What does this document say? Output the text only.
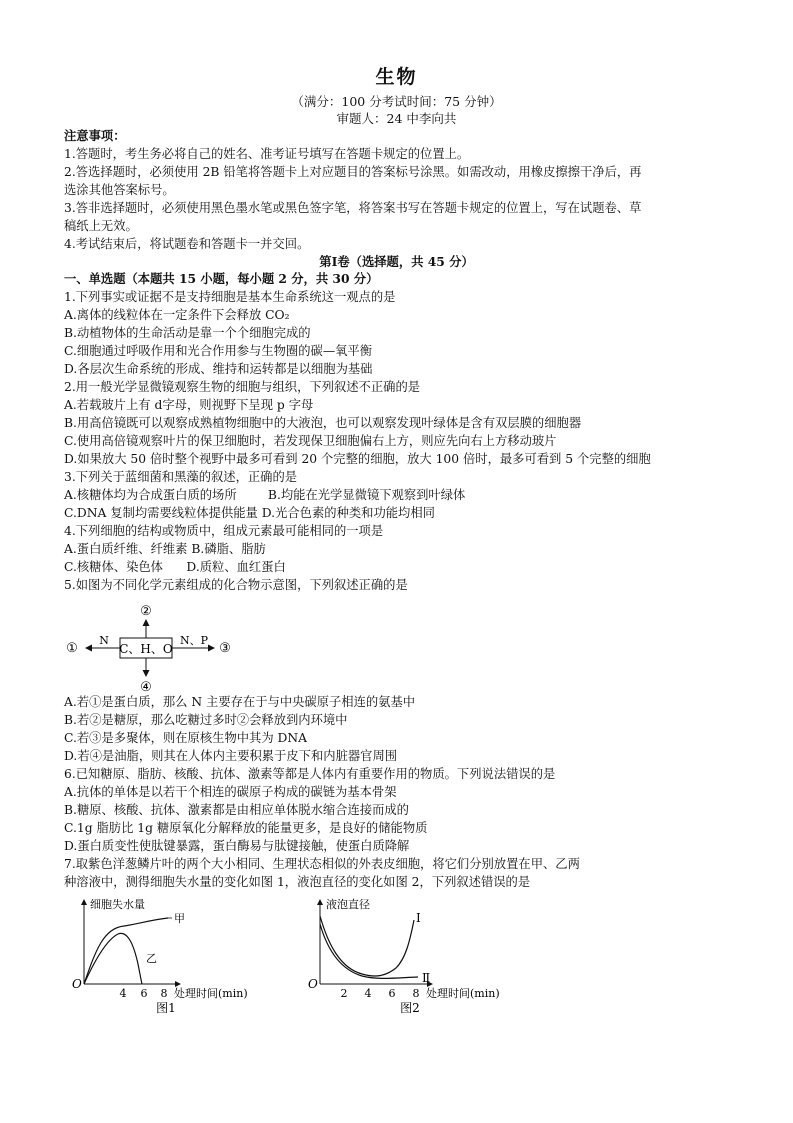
生物
（满分：100 分考试时间：75 分钟）
审题人：24 中李向共
注意事项：
1.答题时，考生务必将自己的姓名、准考证号填写在答题卡规定的位置上。
2.答选择题时，必须使用 2B 铅笔将答题卡上对应题目的答案标号涂黑。如需改动，用橡皮擦擦干净后，再
选涂其他答案标号。
3.答非选择题时，必须使用黑色墨水笔或黑色签字笔，将答案书写在答题卡规定的位置上，写在试题卷、草
稿纸上无效。
4.考试结束后，将试题卷和答题卡一并交回。
第Ⅰ卷（选择题，共 45 分）
一、单选题（本题共 15 小题，每小题 2 分，共 30 分）
1.下列事实或证据不是支持细胞是基本生命系统这一观点的是
A.离体的线粒体在一定条件下会释放 CO₂
B.动植物体的生命活动是靠一个个细胞完成的
C.细胞通过呼吸作用和光合作用参与生物圈的碳—氧平衡
D.各层次生命系统的形成、维持和运转都是以细胞为基础
2.用一般光学显微镜观察生物的细胞与组织，下列叙述不正确的是
A.若载玻片上有 d字母，则视野下呈现 p 字母
B.用高倍镜既可以观察成熟植物细胞中的大液泡，也可以观察发现叶绿体是含有双层膜的细胞器
C.使用高倍镜观察叶片的保卫细胞时，若发现保卫细胞偏右上方，则应先向右上方移动玻片
D.如果放大 50 倍时整个视野中最多可看到 20 个完整的细胞，放大 100 倍时，最多可看到 5 个完整的细胞
3.下列关于蓝细菌和黑藻的叙述，正确的是
A.核糖体均为合成蛋白质的场所        B.均能在光学显微镜下观察到叶绿体
C.DNA 复制均需要线粒体提供能量 D.光合色素的种类和功能均相同
4.下列细胞的结构或物质中，组成元素最可能相同的一项是
A.蛋白质纤维、纤维素 B.磷脂、脂肪
C.核糖体、染色体      D.质粒、血红蛋白
5.如图为不同化学元素组成的化合物示意图，下列叙述正确的是
C、H、O
N
①
N、P
③
②
④
A.若①是蛋白质，那么 N 主要存在于与中央碳原子相连的氨基中
B.若②是糖原，那么吃糖过多时②会释放到内环境中
C.若③是多聚体，则在原核生物中其为 DNA
D.若④是油脂，则其在人体内主要积累于皮下和内脏器官周围
6.已知糖原、脂肪、核酸、抗体、激素等都是人体内有重要作用的物质。下列说法错误的是
A.抗体的单体是以若干个相连的碳原子构成的碳链为基本骨架
B.糖原、核酸、抗体、激素都是由相应单体脱水缩合连接而成的
C.1g 脂肪比 1g 糖原氧化分解释放的能量更多，是良好的储能物质
D.蛋白质变性使肽键暴露，蛋白酶易与肽键接触，使蛋白质降解
7.取紫色洋葱鳞片叶的两个大小相同、生理状态相似的外表皮细胞，将它们分别放置在甲、乙两
种溶液中，测得细胞失水量的变化如图 1，液泡直径的变化如图 2，下列叙述错误的是
细胞失水量
O
4 6 8 处理时间(min)
甲
乙
图1
液泡直径
O
2 4 6 8 处理时间(min)
Ⅰ
Ⅱ
图2
